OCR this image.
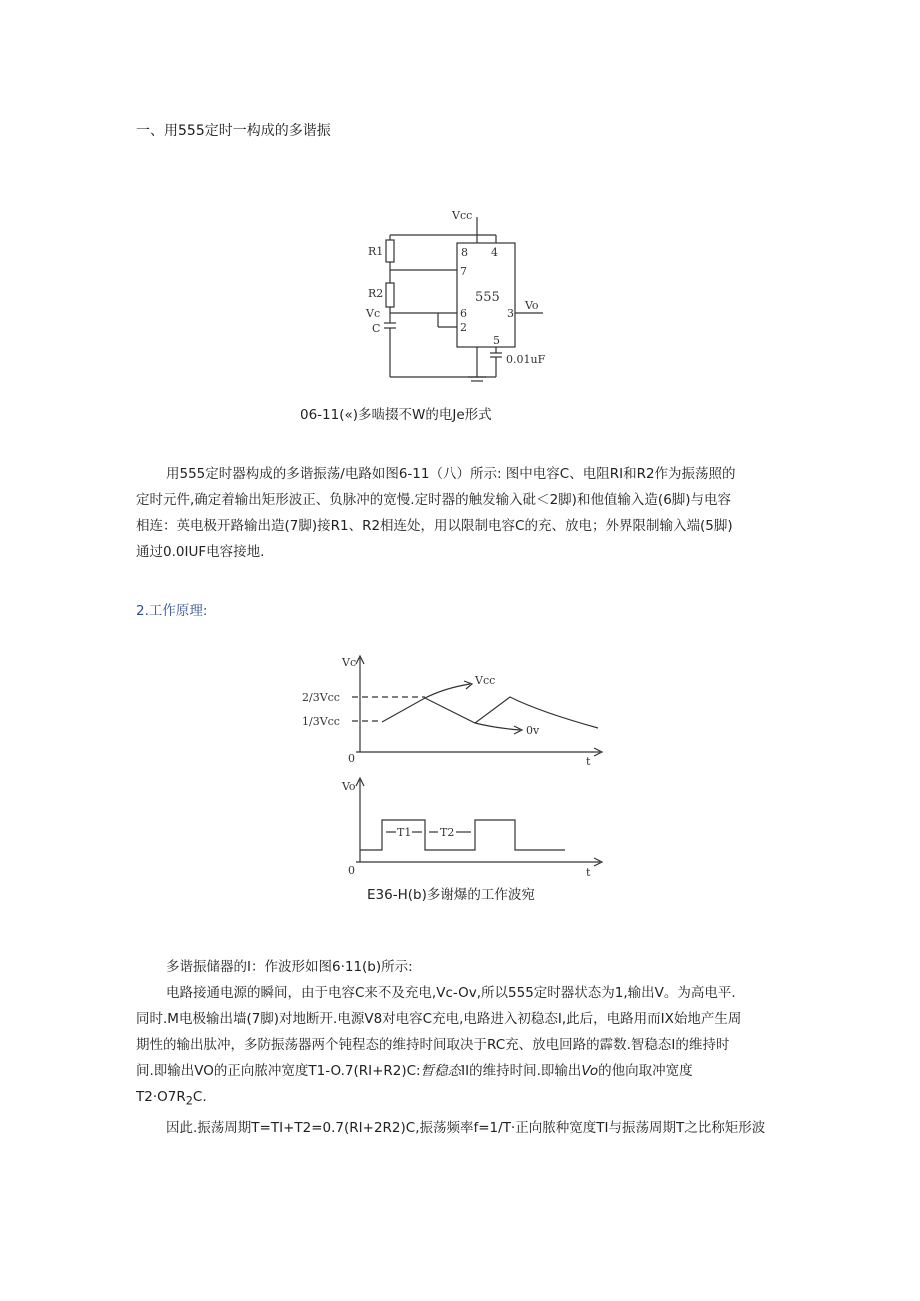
一、用555定时一构成的多谐振
Vcc
8 4
R1
7
555
R2
6
Vc
C	2
3
Vo
5
0.01uF
06-11(«)多啮掇不W的电Je形式
用555定时器构成的多谐振荡/电路如图6-11（八）所示: 图中电容C、电阻RI和R2作为振荡照的
定时元件,确定着输出矩形波正、负脉冲的宽慢.定时器的触发输入砒＜2脚)和他值输入造(6脚)与电容
相连：英电极开路输出造(7脚)接R1、R2相连处，用以限制电容C的充、放电；外界限制输入端(5脚)
通过0.0IUF电容接地.
2.工作原理:
Vc
Vcc
2/3Vcc
1/3Vcc
0v
0	t
Vo
T1	T2
0	t
E36-H(b)多谢爆的工作波宛
多谐振储器的I：作波形如图6·11(b)所示:
电路接通电源的瞬间，由于电容C来不及充电,Vc-Ov,所以555定时器状态为1,输出V。为高电平.
同时.M电极输出墙(7脚)对地断开.电源V8对电容C充电,电路进入初稳态I,此后，电路用而IX始地产生周
期性的输出肽冲，多防振荡器两个钝程态的维持时间取决于RC充、放电回路的霹数.智稳态I的维持时
间.即输出VO的正向脓冲宽度T1-O.7(RI+R2)C:暂稳态II的维持时间.即输出Vo的他向取冲宽度
$T2\cdot O7R_2C$.
因此.振荡周期T=TI+T2=0.7(RI+2R2)C,振荡频率f=1/T·正向脓种宽度TI与振荡周期T之比称矩形波
